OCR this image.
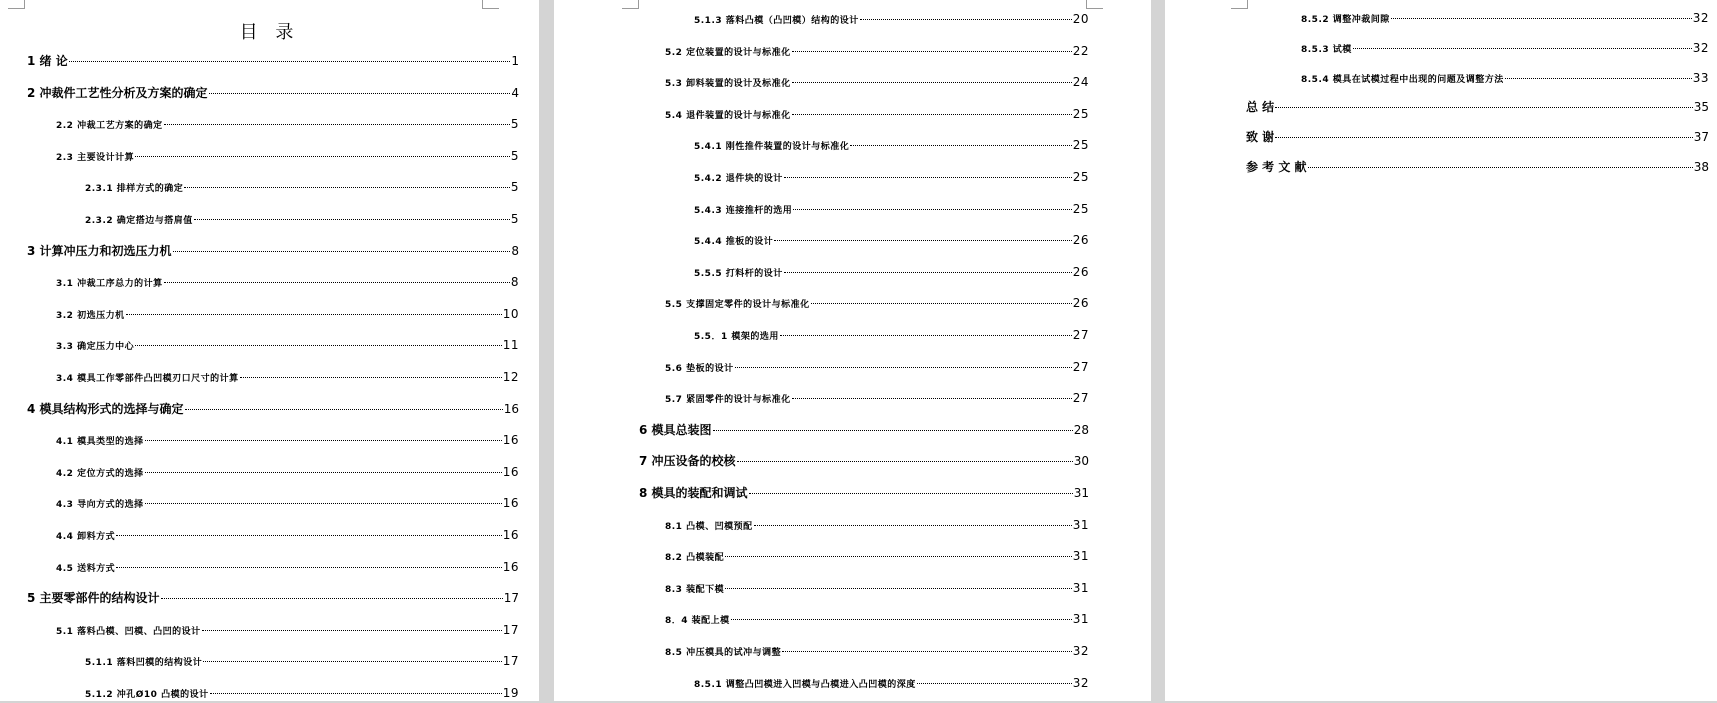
目 录
1 绪 论	1
2 冲裁件工艺性分析及方案的确定	4
2.2 冲裁工艺方案的确定	5
2.3 主要设计计算	5
2.3.1 排样方式的确定	5
2.3.2 确定搭边与搭肩值	5
3 计算冲压力和初选压力机	8
3.1 冲裁工序总力的计算	8
3.2 初选压力机	10
3.3 确定压力中心	11
3.4 模具工作零部件凸凹模刃口尺寸的计算	12
4 模具结构形式的选择与确定	16
4.1 模具类型的选择	16
4.2 定位方式的选择	16
4.3 导向方式的选择	16
4.4 卸料方式	16
4.5 送料方式	16
5 主要零部件的结构设计	17
5.1 落料凸模、凹模、凸凹的设计	17
5.1.1 落料凹模的结构设计	17
5.1.2 冲孔Ø10 凸模的设计	19
5.1.3 落料凸模（凸凹模）结构的设计	20
5.2 定位装置的设计与标准化	22
5.3 卸料装置的设计及标准化	24
5.4 退件装置的设计与标准化	25
5.4.1 刚性推件装置的设计与标准化	25
5.4.2 退件块的设计	25
5.4.3 连接推杆的选用	25
5.4.4 推板的设计	26
5.5.5 打料杆的设计	26
5.5 支撑固定零件的设计与标准化	26
5.5．1 模架的选用	27
5.6 垫板的设计	27
5.7 紧固零件的设计与标准化	27
6 模具总装图	28
7 冲压设备的校核	30
8 模具的装配和调试	31
8.1 凸模、凹模预配	31
8.2 凸模装配	31
8.3 装配下模	31
8．4 装配上模	31
8.5 冲压模具的试冲与调整	32
8.5.1 调整凸凹模进入凹模与凸模进入凸凹模的深度	32
8.5.2 调整冲裁间隙	32
8.5.3 试模	32
8.5.4 模具在试模过程中出现的问题及调整方法	33
总 结	35
致 谢	37
参 考 文 献	38
